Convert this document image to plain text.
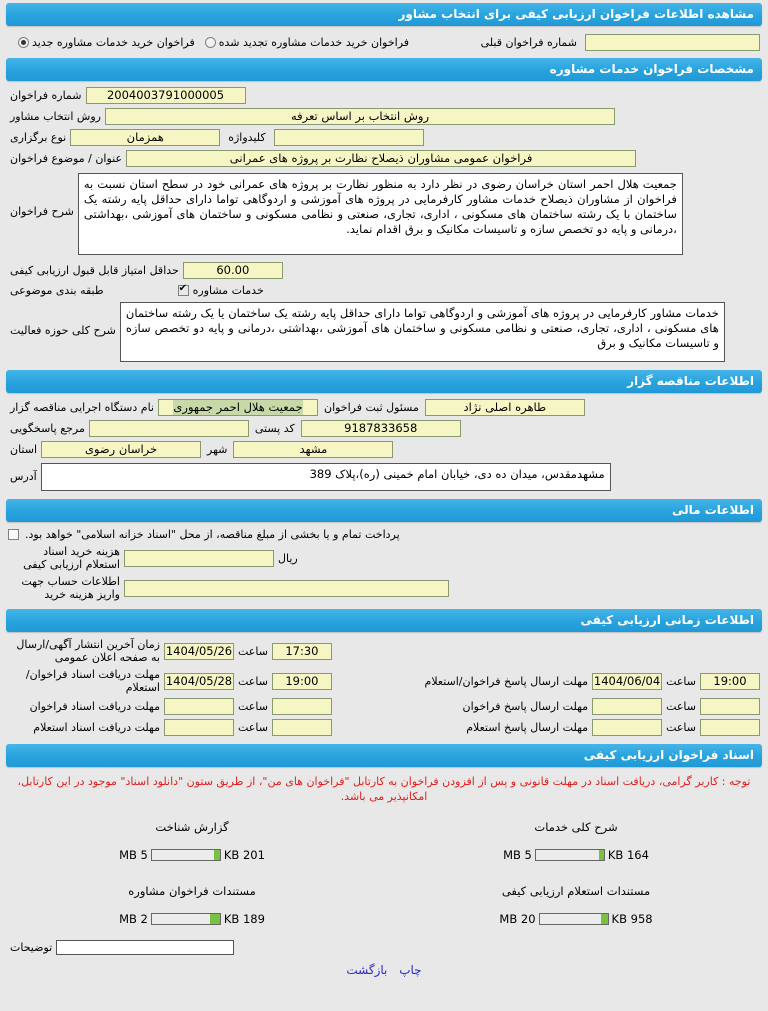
مشاهده اطلاعات فراخوان ارزیابی کیفی برای انتخاب مشاور
شماره فراخوان قبلی
فراخوان خرید خدمات مشاوره تجدید شده
فراخوان خرید خدمات مشاوره جدید
مشخصات فراخوان خدمات مشاوره
2004003791000005
شماره فراخوان
روش انتخاب بر اساس تعرفه
روش انتخاب مشاور
کلیدواژه
همزمان
نوع برگزاری
فراخوان عمومی مشاوران ذیصلاح نظارت بر پروژه های عمرانی
عنوان / موضوع فراخوان
جمعیت هلال احمر استان خراسان رضوی در نظر دارد به منظور نظارت بر پروژه های عمرانی خود در سطح استان نسبت به فراخوان از مشاوران ذیصلاح خدمات مشاور کارفرمایی در پروژه های آموزشی و اردوگاهی تواما دارای حداقل پایه رشته یک ساختمان با یک رشته ساختمان های مسکونی ، اداری، تجاری، صنعتی و نظامی مسکونی و ساختمان های آموزشی ،بهداشتی ،درمانی و پایه دو تخصص سازه و تاسیسات مکانیک و برق اقدام نماید.
شرح فراخوان
60.00
حداقل امتیاز قابل قبول ارزیابی کیفی
خدمات مشاوره
✔
طبقه بندی موضوعی
خدمات مشاور کارفرمایی در پروژه های آموزشی و اردوگاهی تواما دارای حداقل پایه رشته یک ساختمان یا یک رشته ساختمان های مسکونی ، اداری، تجاری، صنعتی و نظامی مسکونی و ساختمان های آموزشی ،بهداشتی ،درمانی و پایه دو تخصص سازه و تاسیسات مکانیک و برق
شرح کلی حوزه فعالیت
اطلاعات مناقصه گزار
طاهره اصلی نژاد
مسئول ثبت فراخوان
جمعیت هلال احمر جمهوری
نام دستگاه اجرایی مناقصه گزار
9187833658
کد پستی
مرجع پاسخگویی
مشهد
شهر
خراسان رضوی
استان
مشهدمقدس، میدان ده دی، خیابان امام خمینی (ره)،پلاک 389
آدرس
اطلاعات مالی
پرداخت تمام و یا بخشی از مبلغ مناقصه، از محل "اسناد خزانه اسلامی" خواهد بود.
ریال
هزینه خرید اسناد استعلام ارزیابی کیفی
اطلاعات حساب جهت واریز هزینه خرید
اطلاعات زمانی ارزیابی کیفی
17:30
ساعت
1404/05/26
زمان آخرین انتشار آگهی/ارسال به صفحه اعلان عمومی
19:00
ساعت
1404/06/04
مهلت ارسال پاسخ فراخوان/استعلام
19:00
ساعت
1404/05/28
مهلت دریافت اسناد فراخوان/استعلام
ساعت
مهلت ارسال پاسخ فراخوان
ساعت
مهلت دریافت اسناد فراخوان
ساعت
مهلت ارسال پاسخ استعلام
ساعت
مهلت دریافت اسناد استعلام
اسناد فراخوان ارزیابی کیفی
توجه : کاربر گرامی، دریافت اسناد در مهلت قانونی و پس از افزودن فراخوان به کارتابل "فراخوان های من"، از طریق ستون "دانلود اسناد" موجود در این کارتابل، امکانپذیر می باشد.
شرح کلی خدمات
164 KB
5 MB
گزارش شناخت
201 KB
5 MB
مستندات استعلام ارزیابی کیفی
958 KB
20 MB
مستندات فراخوان مشاوره
189 KB
2 MB
توضیحات
چاپ بازگشت
